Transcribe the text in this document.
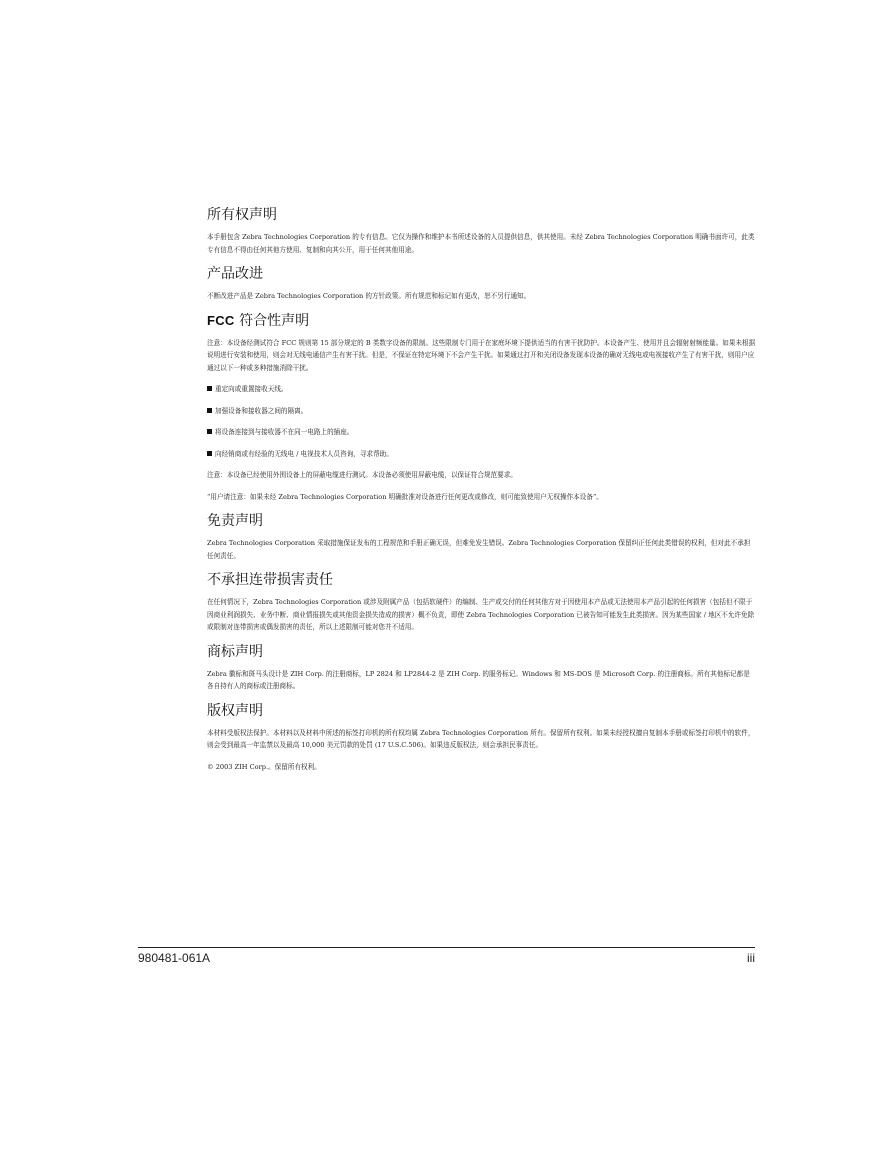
所有权声明

本手册包含 Zebra Technologies Corporation 的专有信息。它仅为操作和维护本书所述设备的人员提供信息，供其使用。未经 Zebra Technologies Corporation 明确书面许可，此类专有信息不得由任何其他方使用、复制和向其公开，用于任何其他用途。

产品改进

不断改进产品是 Zebra Technologies Corporation 的方针政策。所有规范和标记如有更改，恕不另行通知。

FCC 符合性声明

注意：本设备经测试符合 FCC 规则第 15 部分规定的 B 类数字设备的限制。这些限制专门用于在家庭环境下提供适当的有害干扰防护。本设备产生、使用并且会辐射射频能量。如果未根据说明进行安装和使用，则会对无线电通信产生有害干扰。但是，不保证在特定环境下不会产生干扰。如果通过打开和关闭设备发现本设备的确对无线电或电视接收产生了有害干扰，则用户应通过以下一种或多种措施消除干扰。

重定向或重置接收天线。
加强设备和接收器之间的隔离。
将设备连接到与接收器不在同一电路上的插座。
向经销商或有经验的无线电 / 电视技术人员咨询，寻求帮助。

注意：本设备已经使用外围设备上的屏蔽电缆进行测试。本设备必须使用屏蔽电缆，以保证符合规范要求。

“用户请注意：如果未经 Zebra Technologies Corporation 明确批准对设备进行任何更改或修改，则可能致使用户无权操作本设备”。

免责声明

Zebra Technologies Corporation 采取措施保证发布的工程规范和手册正确无误，但难免发生错误。Zebra Technologies Corporation 保留纠正任何此类错误的权利，但对此不承担任何责任。

不承担连带损害责任

在任何情况下，Zebra Technologies Corporation 或涉及附属产品（包括软硬件）的编制、生产或交付的任何其他方对于因使用本产品或无法使用本产品引起的任何损害（包括但不限于因商业利润损失、业务中断、商业情报损失或其他资金损失造成的损害）概不负责，即使 Zebra Technologies Corporation 已被告知可能发生此类损害。因为某些国家 / 地区不允许免除或限制对连带损害或偶发损害的责任，所以上述限制可能对您并不适用。

商标声明

Zebra 徽标和斑马头设计是 ZIH Corp. 的注册商标，LP 2824 和 LP2844-2 是 ZIH Corp. 的服务标记。Windows 和 MS-DOS 是 Microsoft Corp. 的注册商标。所有其他标记都是各自持有人的商标或注册商标。

版权声明

本材料受版权法保护。本材料以及材料中所述的标签打印机的所有权均属 Zebra Technologies Corporation 所有。保留所有权利。如果未经授权擅自复制本手册或标签打印机中的软件，则会受到最高一年监禁以及最高 10,000 美元罚款的处罚 (17 U.S.C.506)。如果违反版权法，则会承担民事责任。

© 2003 ZIH Corp.。保留所有权利。

980481-061A	iii
